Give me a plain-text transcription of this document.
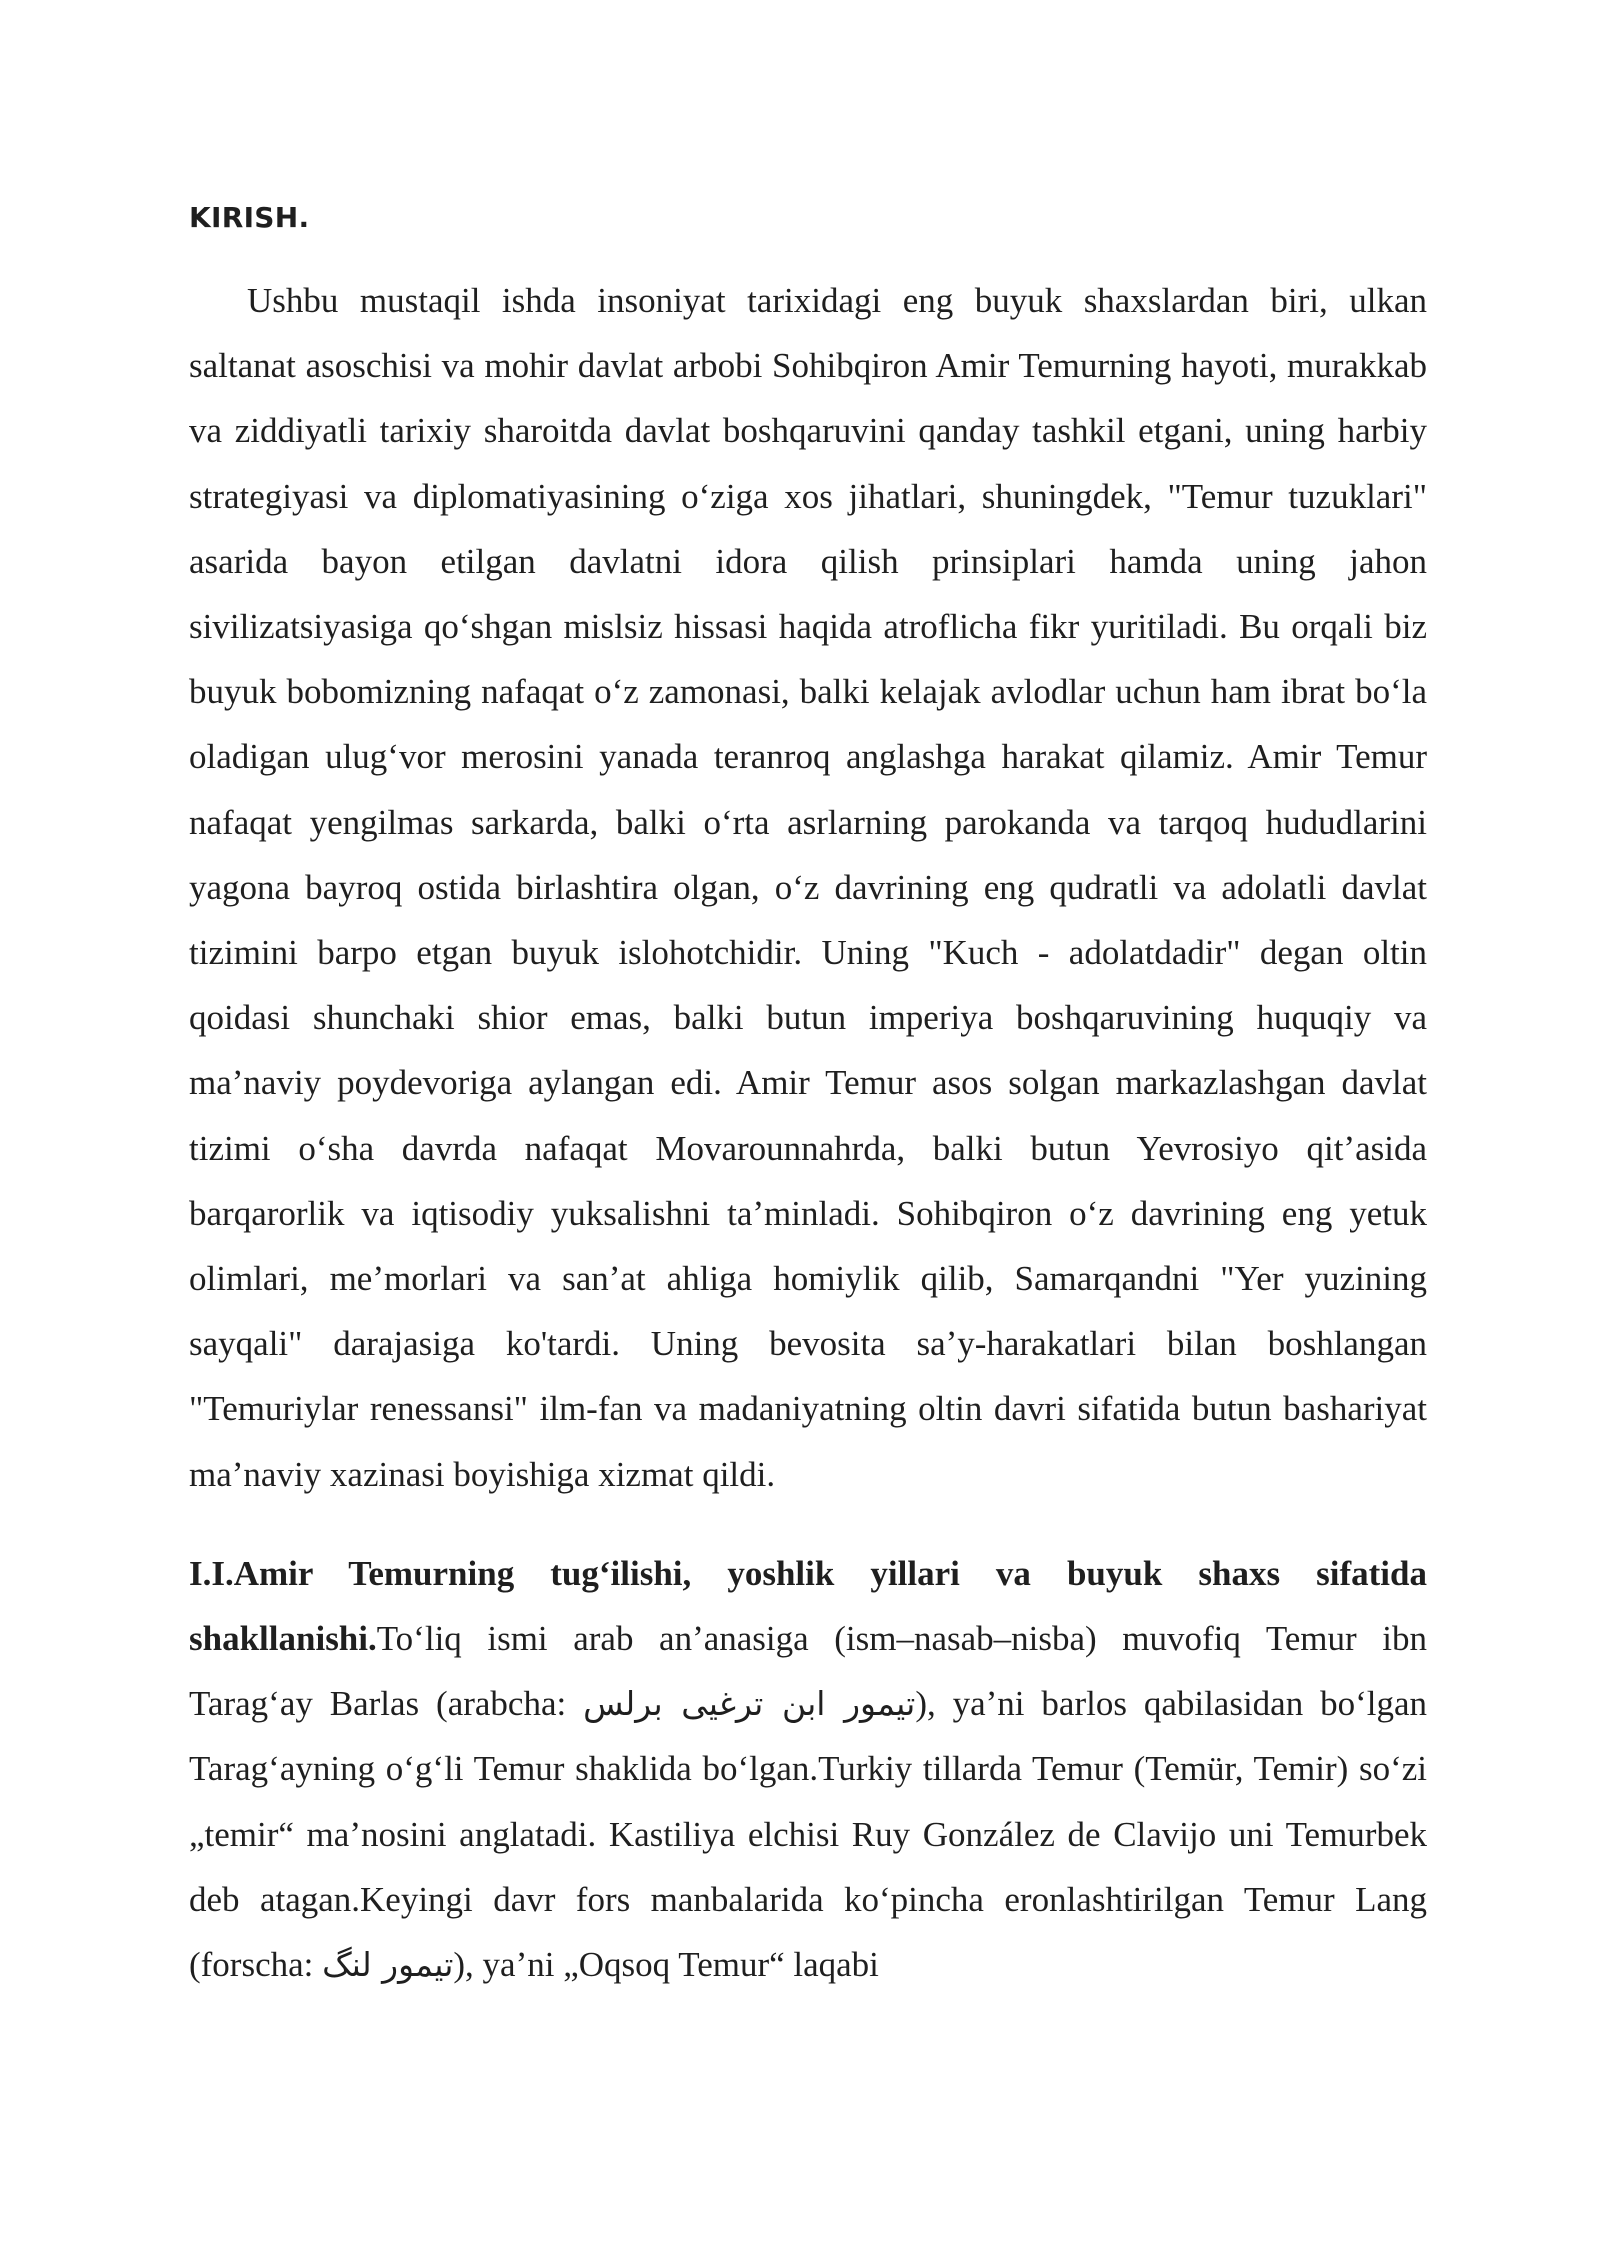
KIRISH.

Ushbu mustaqil ishda insoniyat tarixidagi eng buyuk shaxslardan biri, ulkan saltanat asoschisi va mohir davlat arbobi Sohibqiron Amir Temurning hayoti, murakkab va ziddiyatli tarixiy sharoitda davlat boshqaruvini qanday tashkil etgani, uning harbiy strategiyasi va diplomatiyasining oʻziga xos jihatlari, shuningdek, "Temur tuzuklari" asarida bayon etilgan davlatni idora qilish prinsiplari hamda uning jahon sivilizatsiyasiga qoʻshgan mislsiz hissasi haqida atroflicha fikr yuritiladi. Bu orqali biz buyuk bobomizning nafaqat oʻz zamonasi, balki kelajak avlodlar uchun ham ibrat boʻla oladigan ulugʻvor merosini yanada teranroq anglashga harakat qilamiz. Amir Temur nafaqat yengilmas sarkarda, balki oʻrta asrlarning parokanda va tarqoq hududlarini yagona bayroq ostida birlashtira olgan, oʻz davrining eng qudratli va adolatli davlat tizimini barpo etgan buyuk islohotchidir. Uning "Kuch - adolatdadir" degan oltin qoidasi shunchaki shior emas, balki butun imperiya boshqaruvining huquqiy va maʼnaviy poydevoriga aylangan edi. Amir Temur asos solgan markazlashgan davlat tizimi oʻsha davrda nafaqat Movarounnahrda, balki butun Yevrosiyo qitʼasida barqarorlik va iqtisodiy yuksalishni taʼminladi. Sohibqiron oʻz davrining eng yetuk olimlari, meʼmorlari va sanʼat ahliga homiylik qilib, Samarqandni "Yer yuzining sayqali" darajasiga ko'tardi. Uning bevosita saʼy-harakatlari bilan boshlangan "Temuriylar renessansi" ilm-fan va madaniyatning oltin davri sifatida butun bashariyat maʼnaviy xazinasi boyishiga xizmat qildi.

I.I.Amir Temurning tugʻilishi, yoshlik yillari va buyuk shaxs sifatida shakllanishi.Toʻliq ismi arab anʼanasiga (ism–nasab–nisba) muvofiq Temur ibn Taragʻay Barlas (arabcha: تيمور ابن ترغيى برلس), yaʼni barlos qabilasidan boʻlgan Taragʻayning oʻgʻli Temur shaklida boʻlgan.Turkiy tillarda Temur (Temür, Temir) soʻzi „temir“ maʼnosini anglatadi. Kastiliya elchisi Ruy González de Clavijo uni Temurbek deb atagan.Keyingi davr fors manbalarida koʻpincha eronlashtirilgan Temur Lang (forscha: تيمور لنگ), yaʼni „Oqsoq Temur“ laqabi
